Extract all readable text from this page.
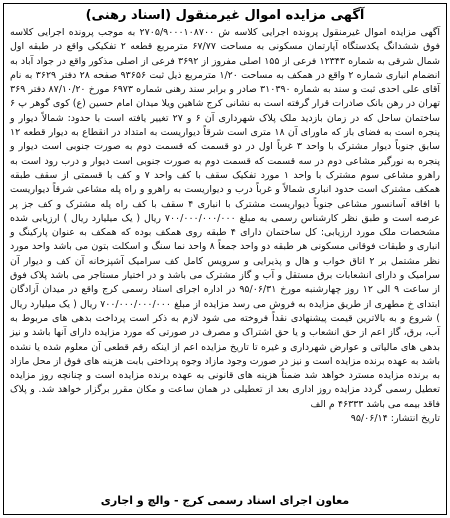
آگهی مزایده اموال غیرمنقول (اسناد رهنی)
آگهی مزایده اموال غیرمنقول پرونده اجرایی کلاسه ش ۲۷۰۵/۹۰۰۰۱۰۸۷۰۰ به موجب پرونده اجرایی کلاسه فوق ششدانگ یکدستگاه آپارتمان مسکونی به مساحت ۶۷/۷۷ مترمربع قطعه ۲ تفکیکی واقع در طبقه اول شمال شرقی به شماره ۱۲۳۴۳ فرعی از ۱۵۵ اصلی مفروز از ۳۶۹۲ فرعی از اصلی مذکور واقع در جواد آباد به انضمام انباری شماره ۲ واقع در همکف به مساحت ۱/۲۰ مترمربع ذیل ثبت ۹۳۶۵۶ صفحه ۲۸ دفتر ۳۶۲۹ به نام آقای علی احدی ثبت و سند به شماره ۳۱۰۳۹۰ صادر و برابر سند رهنی شماره ۶۹۷۳ مورخ ۸۷/۱۰/۲۰ دفتر ۳۶۹ تهران در رهن بانک صادرات قرار گرفته است به نشانی کرج شاهین ویلا میدان امام حسین (ع) کوی گوهر پ ۶ ساختمان ساحل که در زمان بازدید ملک پلاک شهرداری آن ۶ و ۲۷ تغییر یافته است با حدود: شمالاً دیوار و پنجره است به فضای باز که ماورای آن ۱۸ متری است شرقاً دیواریست به امتداد در انقطاع به دیوار قطعه ۱۲ سابق جنوباً دیوار مشترک با واحد ۳ غرباً اول در دو قسمت که قسمت دوم به صورت جنوبی است دیوار و پنجره به نورگیر مشاعی دوم در سه قسمت که قسمت دوم به صورت جنوبی است دیوار و درب رود است به راهرو مشاعی سوم مشترک با واحد ۱ مورد تفکیک سقف با کف واحد ۷ و کف با قسمتی از سقف طبقه همکف مشترک است حدود انباری شمالاً و غرباً درب و دیواریست به راهرو و راه پله مشاعی شرقاً دیواریست با افاقه آسانسور مشاعی جنوباً دیواریست مشترک با انباری ۴ سقف با کف راه پله مشترک و کف جز پر عرصه است و طبق نظر کارشناس رسمی به مبلغ ۷۰۰/۰۰۰/۰۰۰/۰۰۰ ریال ( یک میلیارد ریال ) ارزیابی شده مشخصات ملک مورد ارزیابی: کل ساختمان دارای ۴ طبقه روی همکف بوده که همکف به عنوان پارکینگ و انباری و طبقات فوقانی مسکونی هر طبقه دو واحد جمعاً ۸ واحد نما سنگ و اسکلت بتون می باشد واحد مورد نظر مشتمل بر ۲ اتاق خواب و هال و پذیرایی و سرویس کامل کف سرامیک آشپزخانه آن کف و دیوار آن سرامیک و دارای انشعابات برق مستقل و آب و گاز مشترک می باشد و در اختیار مستاجر می باشد پلاک فوق از ساعت ۹ الی ۱۲ روز چهارشنبه مورخ ۹۵/۰۶/۳۱ در اداره اجرای اسناد رسمی کرج واقع در میدان آزادگان ابتدای خ مطهری از طریق مزایده به فروش می رسد مزایده از مبلغ ۷۰۰/۰۰۰/۰۰۰/۰۰۰ ریال ( یک میلیارد ریال ) شروع و به بالاترین قیمت پیشنهادی نقداً فروخته می شود لازم به ذکر است پرداخت بدهی های مربوط به آب، برق، گاز اعم از حق انشعاب و یا حق اشتراک و مصرف در صورتی که مورد مزایده دارای آنها باشد و نیز بدهی های مالیاتی و عوارض شهرداری و غیره تا تاریخ مزایده اعم از اینکه رقم قطعی آن معلوم شده یا نشده باشد به عهده برنده مزایده است و نیز در صورت وجود مازاد وجوه پرداختی بابت هزینه های فوق از محل مازاد به برنده مزایده مسترد خواهد شد ضمناً هزینه های قانونی به عهده برنده مزایده است و چنانچه روز مزایده تعطیل رسمی گردد مزایده روز اداری بعد از تعطیلی در همان ساعت و مکان مقرر برگزار خواهد شد. و پلاک فاقد بیمه می باشد ۴۶۳۳۳ م الف
تاریخ انتشار: ۹۵/۰۶/۱۴
معاون اجرای اسناد رسمی کرج - والچ و اجاری
